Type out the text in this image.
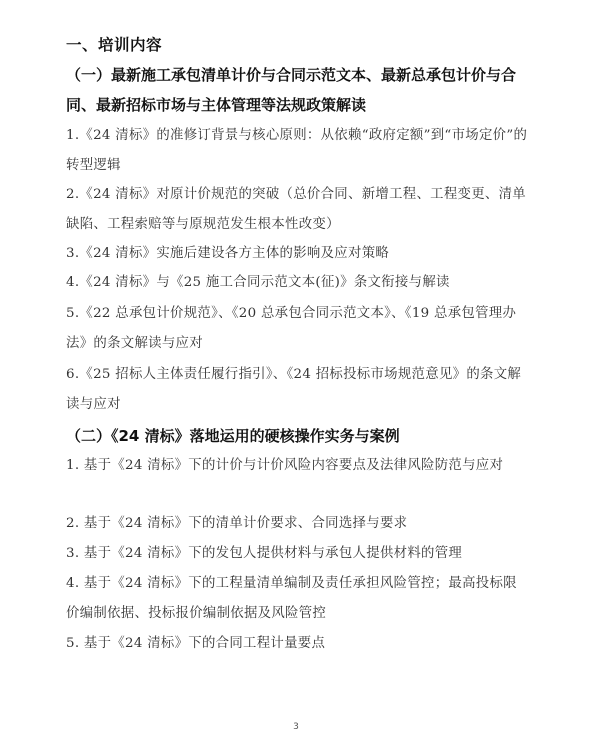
一、培训内容
（一）最新施工承包清单计价与合同示范文本、最新总承包计价与合同、最新招标市场与主体管理等法规政策解读
1.《24 清标》的准修订背景与核心原则：从依赖“政府定额”到“市场定价”的转型逻辑
2.《24 清标》对原计价规范的突破（总价合同、新增工程、工程变更、清单缺陷、工程索赔等与原规范发生根本性改变）
3.《24 清标》实施后建设各方主体的影响及应对策略
4.《24 清标》与《25 施工合同示范文本(征)》条文衔接与解读
5.《22 总承包计价规范》、《20 总承包合同示范文本》、《19 总承包管理办法》的条文解读与应对
6.《25 招标人主体责任履行指引》、《24 招标投标市场规范意见》的条文解读与应对
（二）《24 清标》落地运用的硬核操作实务与案例
1. 基于《24 清标》下的计价与计价风险内容要点及法律风险防范与应对
2. 基于《24 清标》下的清单计价要求、合同选择与要求
3. 基于《24 清标》下的发包人提供材料与承包人提供材料的管理
4. 基于《24 清标》下的工程量清单编制及责任承担风险管控；最高投标限价编制依据、投标报价编制依据及风险管控
5. 基于《24 清标》下的合同工程计量要点
3
